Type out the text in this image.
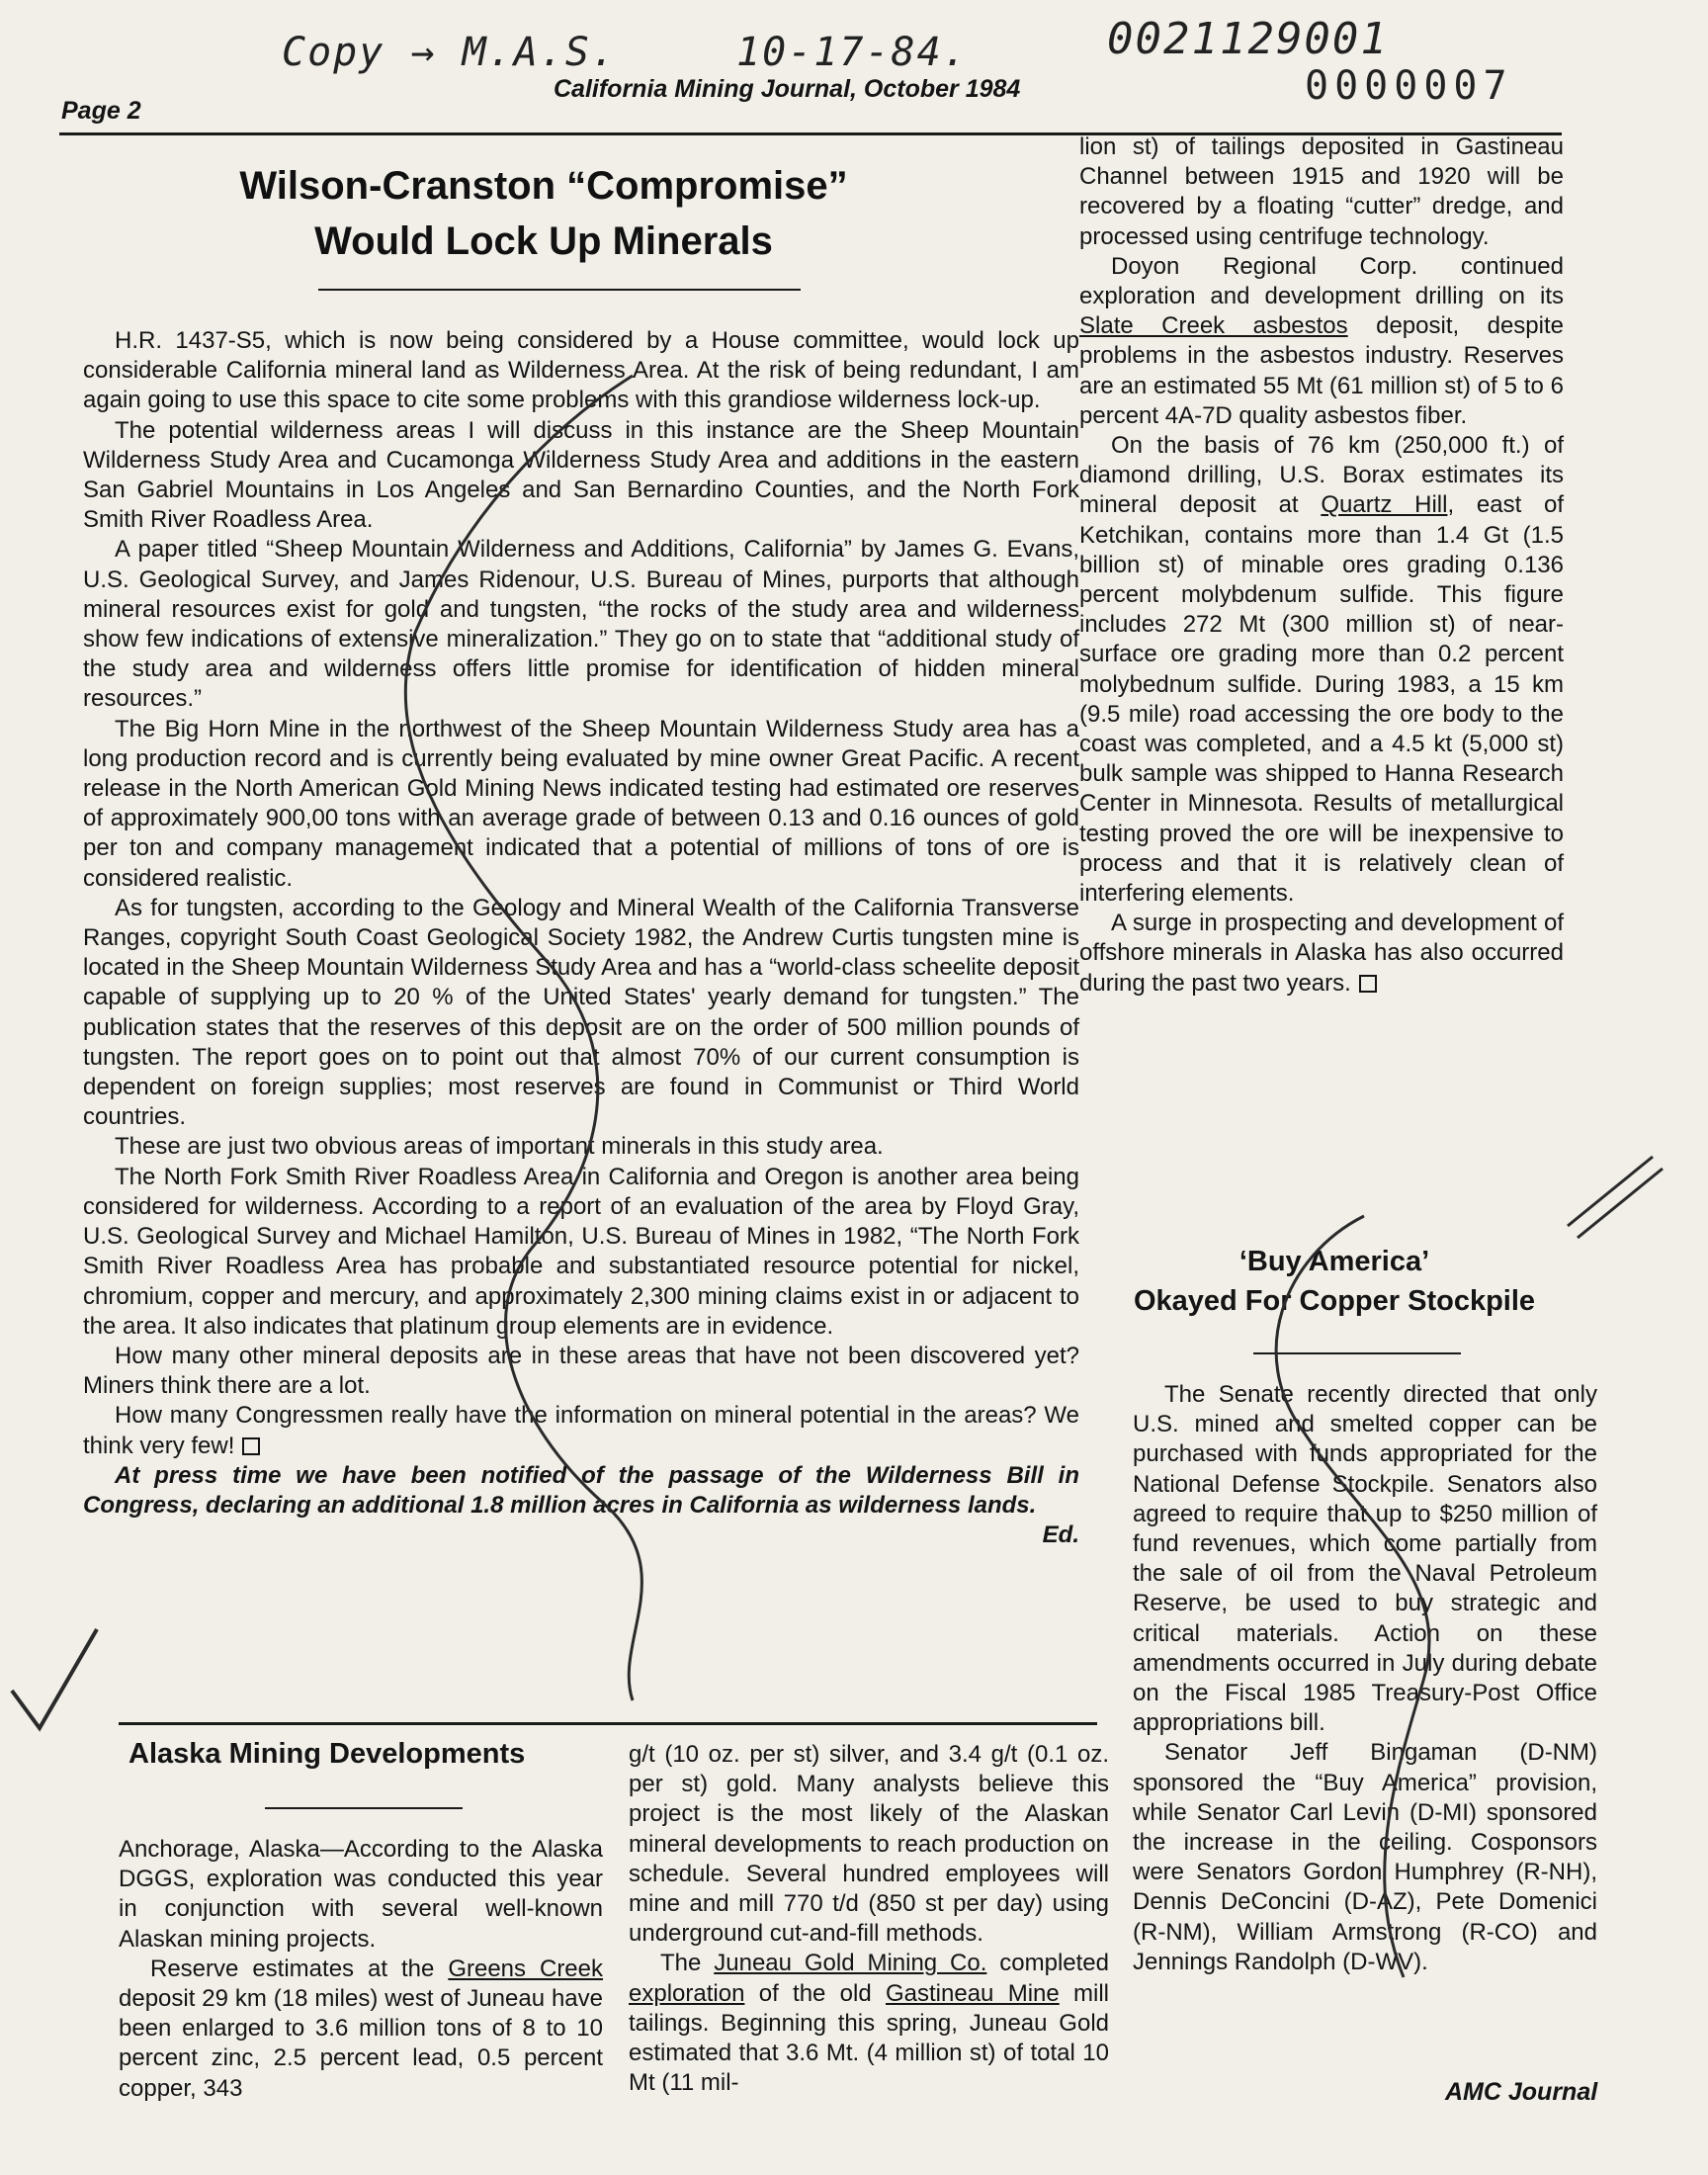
Copy → M.A.S.	10-17-84.	0021129001
0000007
Page 2
California Mining Journal, October 1984
Wilson-Cranston “Compromise”
Would Lock Up Minerals

H.R. 1437-S5, which is now being considered by a House committee, would lock up considerable California mineral land as Wilderness Area. At the risk of being redundant, I am again going to use this space to cite some problems with this grandiose wilderness lock-up.

The potential wilderness areas I will discuss in this instance are the Sheep Mountain Wilderness Study Area and Cucamonga Wilderness Study Area and additions in the eastern San Gabriel Mountains in Los Angeles and San Bernardino Counties, and the North Fork Smith River Roadless Area.

A paper titled “Sheep Mountain Wilderness and Additions, California” by James G. Evans, U.S. Geological Survey, and James Ridenour, U.S. Bureau of Mines, purports that although mineral resources exist for gold and tungsten, “the rocks of the study area and wilderness show few indications of extensive mineralization.” They go on to state that “additional study of the study area and wilderness offers little promise for identification of hidden mineral resources.”

The Big Horn Mine in the northwest of the Sheep Mountain Wilderness Study area has a long production record and is currently being evaluated by mine owner Great Pacific. A recent release in the North American Gold Mining News indicated testing had estimated ore reserves of approximately 900,00 tons with an average grade of between 0.13 and 0.16 ounces of gold per ton and company management indicated that a potential of millions of tons of ore is considered realistic.

As for tungsten, according to the Geology and Mineral Wealth of the California Transverse Ranges, copyright South Coast Geological Society 1982, the Andrew Curtis tungsten mine is located in the Sheep Mountain Wilderness Study Area and has a “world-class scheelite deposit capable of supplying up to 20 % of the United States' yearly demand for tungsten.” The publication states that the reserves of this deposit are on the order of 500 million pounds of tungsten. The report goes on to point out that almost 70% of our current consumption is dependent on foreign supplies; most reserves are found in Communist or Third World countries.

These are just two obvious areas of important minerals in this study area.

The North Fork Smith River Roadless Area in California and Oregon is another area being considered for wilderness. According to a report of an evaluation of the area by Floyd Gray, U.S. Geological Survey and Michael Hamilton, U.S. Bureau of Mines in 1982, “The North Fork Smith River Roadless Area has probable and substantiated resource potential for nickel, chromium, copper and mercury, and approximately 2,300 mining claims exist in or adjacent to the area. It also indicates that platinum group elements are in evidence.

How many other mineral deposits are in these areas that have not been discovered yet? Miners think there are a lot.

How many Congressmen really have the information on mineral potential in the areas? We think very few!

At press time we have been notified of the passage of the Wilderness Bill in Congress, declaring an additional 1.8 million acres in California as wilderness lands.

Ed.
Alaska Mining Developments

Anchorage, Alaska—According to the Alaska DGGS, exploration was conducted this year in conjunction with several well-known Alaskan mining projects.

Reserve estimates at the Greens Creek deposit 29 km (18 miles) west of Juneau have been enlarged to 3.6 million tons of 8 to 10 percent zinc, 2.5 percent lead, 0.5 percent copper, 343

g/t (10 oz. per st) silver, and 3.4 g/t (0.1 oz. per st) gold. Many analysts believe this project is the most likely of the Alaskan mineral developments to reach production on schedule. Several hundred employees will mine and mill 770 t/d (850 st per day) using underground cut-and-fill methods.

The Juneau Gold Mining Co. completed exploration of the old Gastineau Mine mill tailings. Beginning this spring, Juneau Gold estimated that 3.6 Mt. (4 million st) of total 10 Mt (11 mil-

lion st) of tailings deposited in Gastineau Channel between 1915 and 1920 will be recovered by a floating “cutter” dredge, and processed using centrifuge technology.

Doyon Regional Corp. continued exploration and development drilling on its Slate Creek asbestos deposit, despite problems in the asbestos industry. Reserves are an estimated 55 Mt (61 million st) of 5 to 6 percent 4A-7D quality asbestos fiber.

On the basis of 76 km (250,000 ft.) of diamond drilling, U.S. Borax estimates its mineral deposit at Quartz Hill, east of Ketchikan, contains more than 1.4 Gt (1.5 billion st) of minable ores grading 0.136 percent molybdenum sulfide. This figure includes 272 Mt (300 million st) of near-surface ore grading more than 0.2 percent molybednum sulfide. During 1983, a 15 km (9.5 mile) road accessing the ore body to the coast was completed, and a 4.5 kt (5,000 st) bulk sample was shipped to Hanna Research Center in Minnesota. Results of metallurgical testing proved the ore will be inexpensive to process and that it is relatively clean of interfering elements.

A surge in prospecting and development of offshore minerals in Alaska has also occurred during the past two years.

‘Buy America’
Okayed For Copper Stockpile

The Senate recently directed that only U.S. mined and smelted copper can be purchased with funds appropriated for the National Defense Stockpile. Senators also agreed to require that up to $250 million of fund revenues, which come partially from the sale of oil from the Naval Petroleum Reserve, be used to buy strategic and critical materials. Action on these amendments occurred in July during debate on the Fiscal 1985 Treasury-Post Office appropriations bill.

Senator Jeff Bingaman (D-NM) sponsored the “Buy America” provision, while Senator Carl Levin (D-MI) sponsored the increase in the ceiling. Cosponsors were Senators Gordon Humphrey (R-NH), Dennis DeConcini (D-AZ), Pete Domenici (R-NM), William Armstrong (R-CO) and Jennings Randolph (D-WV).

AMC Journal
